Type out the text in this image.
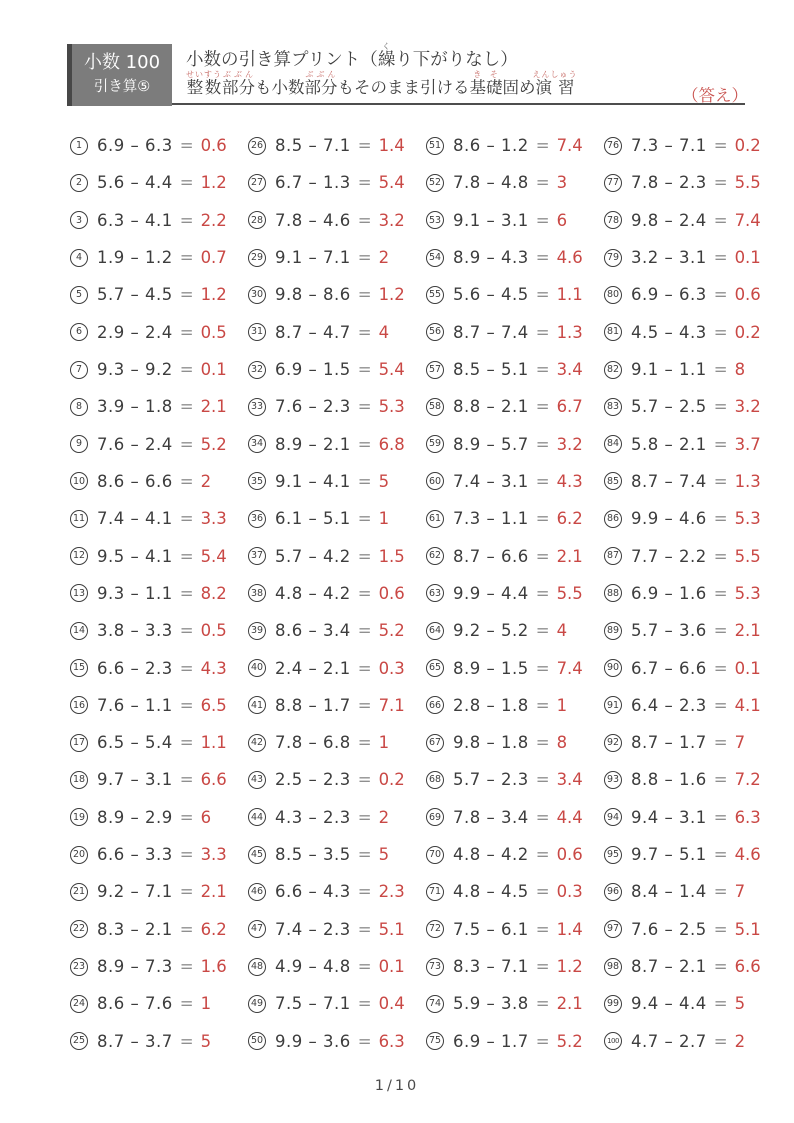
小数 100
引き算⑤
小数の引き算プリント（繰くり下がりなし）
整数せいすう部分ぶぶんも小数部分ぶぶんもそのまま引ける基礎きそ固め演習えんしゅう
（答え）
1 6.9 – 6.3 = 0.6
2 5.6 – 4.4 = 1.2
3 6.3 – 4.1 = 2.2
4 1.9 – 1.2 = 0.7
5 5.7 – 4.5 = 1.2
6 2.9 – 2.4 = 0.5
7 9.3 – 9.2 = 0.1
8 3.9 – 1.8 = 2.1
9 7.6 – 2.4 = 5.2
10 8.6 – 6.6 = 2
11 7.4 – 4.1 = 3.3
12 9.5 – 4.1 = 5.4
13 9.3 – 1.1 = 8.2
14 3.8 – 3.3 = 0.5
15 6.6 – 2.3 = 4.3
16 7.6 – 1.1 = 6.5
17 6.5 – 5.4 = 1.1
18 9.7 – 3.1 = 6.6
19 8.9 – 2.9 = 6
20 6.6 – 3.3 = 3.3
21 9.2 – 7.1 = 2.1
22 8.3 – 2.1 = 6.2
23 8.9 – 7.3 = 1.6
24 8.6 – 7.6 = 1
25 8.7 – 3.7 = 5
26 8.5 – 7.1 = 1.4
27 6.7 – 1.3 = 5.4
28 7.8 – 4.6 = 3.2
29 9.1 – 7.1 = 2
30 9.8 – 8.6 = 1.2
31 8.7 – 4.7 = 4
32 6.9 – 1.5 = 5.4
33 7.6 – 2.3 = 5.3
34 8.9 – 2.1 = 6.8
35 9.1 – 4.1 = 5
36 6.1 – 5.1 = 1
37 5.7 – 4.2 = 1.5
38 4.8 – 4.2 = 0.6
39 8.6 – 3.4 = 5.2
40 2.4 – 2.1 = 0.3
41 8.8 – 1.7 = 7.1
42 7.8 – 6.8 = 1
43 2.5 – 2.3 = 0.2
44 4.3 – 2.3 = 2
45 8.5 – 3.5 = 5
46 6.6 – 4.3 = 2.3
47 7.4 – 2.3 = 5.1
48 4.9 – 4.8 = 0.1
49 7.5 – 7.1 = 0.4
50 9.9 – 3.6 = 6.3
51 8.6 – 1.2 = 7.4
52 7.8 – 4.8 = 3
53 9.1 – 3.1 = 6
54 8.9 – 4.3 = 4.6
55 5.6 – 4.5 = 1.1
56 8.7 – 7.4 = 1.3
57 8.5 – 5.1 = 3.4
58 8.8 – 2.1 = 6.7
59 8.9 – 5.7 = 3.2
60 7.4 – 3.1 = 4.3
61 7.3 – 1.1 = 6.2
62 8.7 – 6.6 = 2.1
63 9.9 – 4.4 = 5.5
64 9.2 – 5.2 = 4
65 8.9 – 1.5 = 7.4
66 2.8 – 1.8 = 1
67 9.8 – 1.8 = 8
68 5.7 – 2.3 = 3.4
69 7.8 – 3.4 = 4.4
70 4.8 – 4.2 = 0.6
71 4.8 – 4.5 = 0.3
72 7.5 – 6.1 = 1.4
73 8.3 – 7.1 = 1.2
74 5.9 – 3.8 = 2.1
75 6.9 – 1.7 = 5.2
76 7.3 – 7.1 = 0.2
77 7.8 – 2.3 = 5.5
78 9.8 – 2.4 = 7.4
79 3.2 – 3.1 = 0.1
80 6.9 – 6.3 = 0.6
81 4.5 – 4.3 = 0.2
82 9.1 – 1.1 = 8
83 5.7 – 2.5 = 3.2
84 5.8 – 2.1 = 3.7
85 8.7 – 7.4 = 1.3
86 9.9 – 4.6 = 5.3
87 7.7 – 2.2 = 5.5
88 6.9 – 1.6 = 5.3
89 5.7 – 3.6 = 2.1
90 6.7 – 6.6 = 0.1
91 6.4 – 2.3 = 4.1
92 8.7 – 1.7 = 7
93 8.8 – 1.6 = 7.2
94 9.4 – 3.1 = 6.3
95 9.7 – 5.1 = 4.6
96 8.4 – 1.4 = 7
97 7.6 – 2.5 = 5.1
98 8.7 – 2.1 = 6.6
99 9.4 – 4.4 = 5
100 4.7 – 2.7 = 2
1/10
